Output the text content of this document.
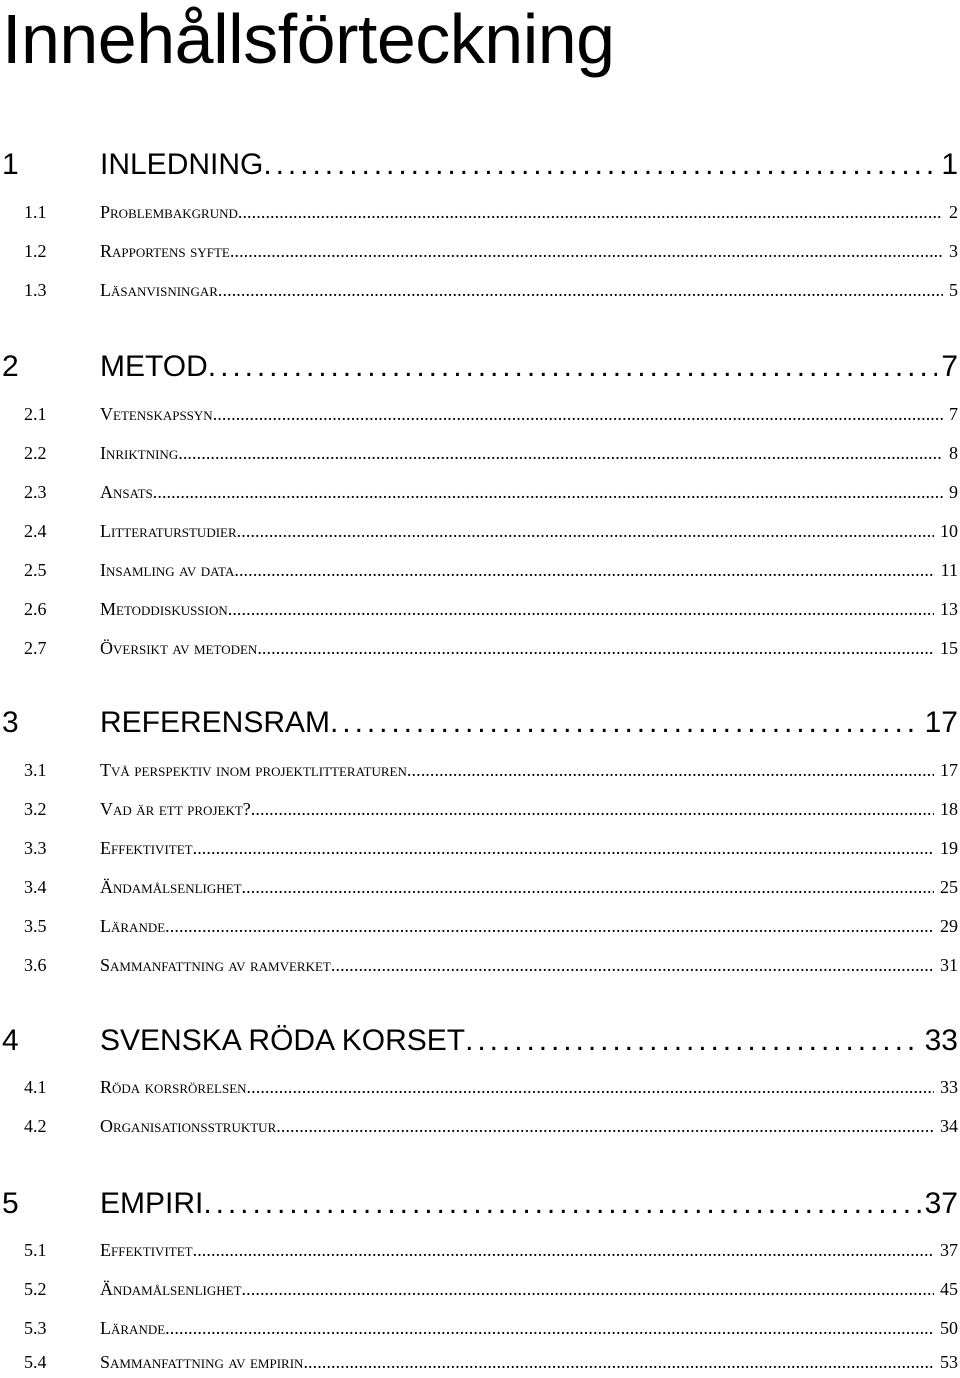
Innehållsförteckning
1	INLEDNING . . .	1
1.1	Problembakgrund . . .	2
1.2	Rapportens syfte . . .	3
1.3	Läsanvisningar . . .	5
2	METOD . . .	7
2.1	Vetenskapssyn . . .	7
2.2	Inriktning . . .	8
2.3	Ansats . . .	9
2.4	Litteraturstudier . . .	10
2.5	Insamling av data . . .	11
2.6	Metoddiskussion . . .	13
2.7	Översikt av metoden . . .	15
3	REFERENSRAM . . .	17
3.1	Två perspektiv inom projektlitteraturen . . .	17
3.2	Vad är ett projekt? . . .	18
3.3	Effektivitet . . .	19
3.4	Ändamålsenlighet . . .	25
3.5	Lärande . . .	29
3.6	Sammanfattning av ramverket . . .	31
4	SVENSKA RÖDA KORSET . . .	33
4.1	Röda korsrörelsen . . .	33
4.2	Organisationsstruktur . . .	34
5	EMPIRI . . .	37
5.1	Effektivitet . . .	37
5.2	Ändamålsenlighet . . .	45
5.3	Lärande . . .	50
5.4	Sammanfattning av empirin . . .	53
